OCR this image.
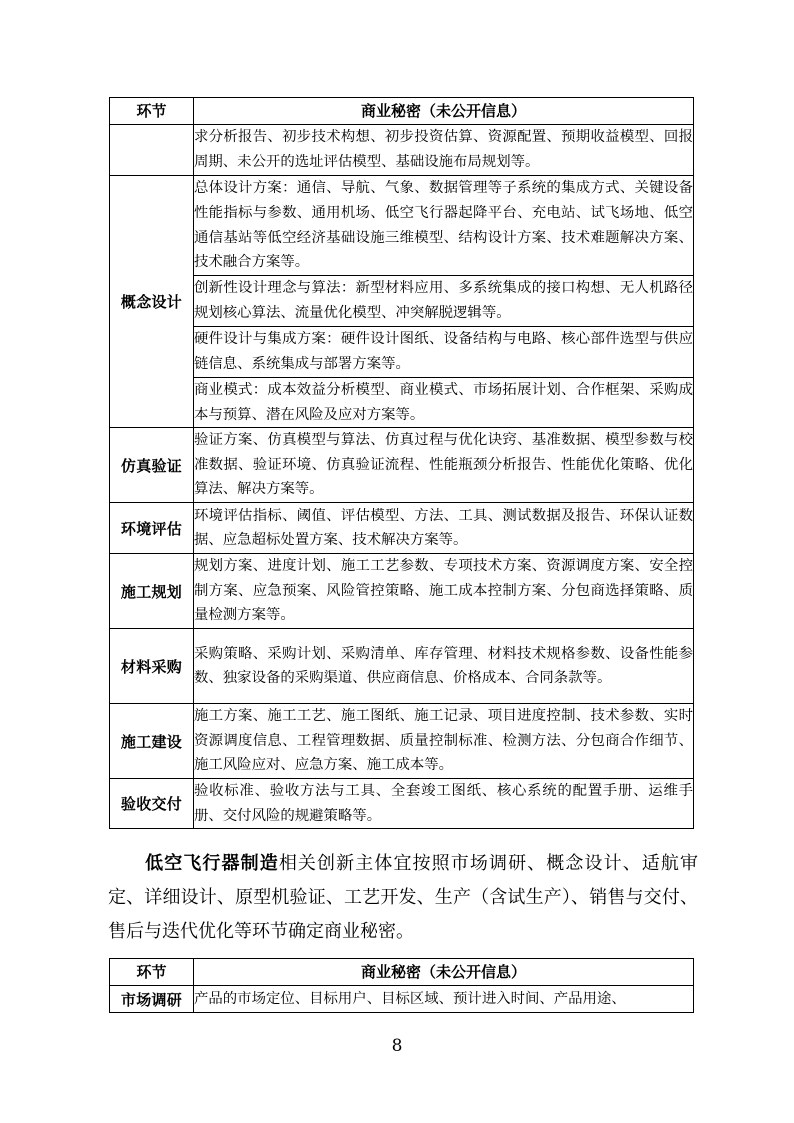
环节	商业秘密（未公开信息）
	求分析报告、初步技术构想、初步投资估算、资源配置、预期收益模型、回报周期、未公开的选址评估模型、基础设施布局规划等。
概念设计	总体设计方案：通信、导航、气象、数据管理等子系统的集成方式、关键设备性能指标与参数、通用机场、低空飞行器起降平台、充电站、试飞场地、低空通信基站等低空经济基础设施三维模型、结构设计方案、技术难题解决方案、技术融合方案等。
	创新性设计理念与算法：新型材料应用、多系统集成的接口构想、无人机路径规划核心算法、流量优化模型、冲突解脱逻辑等。
	硬件设计与集成方案：硬件设计图纸、设备结构与电路、核心部件选型与供应链信息、系统集成与部署方案等。
	商业模式：成本效益分析模型、商业模式、市场拓展计划、合作框架、采购成本与预算、潜在风险及应对方案等。
仿真验证	验证方案、仿真模型与算法、仿真过程与优化诀窍、基准数据、模型参数与校准数据、验证环境、仿真验证流程、性能瓶颈分析报告、性能优化策略、优化算法、解决方案等。
环境评估	环境评估指标、阈值、评估模型、方法、工具、测试数据及报告、环保认证数据、应急超标处置方案、技术解决方案等。
施工规划	规划方案、进度计划、施工工艺参数、专项技术方案、资源调度方案、安全控制方案、应急预案、风险管控策略、施工成本控制方案、分包商选择策略、质量检测方案等。
材料采购	采购策略、采购计划、采购清单、库存管理、材料技术规格参数、设备性能参数、独家设备的采购渠道、供应商信息、价格成本、合同条款等。
施工建设	施工方案、施工工艺、施工图纸、施工记录、项目进度控制、技术参数、实时资源调度信息、工程管理数据、质量控制标准、检测方法、分包商合作细节、施工风险应对、应急方案、施工成本等。
验收交付	验收标准、验收方法与工具、全套竣工图纸、核心系统的配置手册、运维手册、交付风险的规避策略等。
低空飞行器制造相关创新主体宜按照市场调研、概念设计、适航审定、详细设计、原型机验证、工艺开发、生产（含试生产）、销售与交付、售后与迭代优化等环节确定商业秘密。
环节	商业秘密（未公开信息）
市场调研	产品的市场定位、目标用户、目标区域、预计进入时间、产品用途、
8
